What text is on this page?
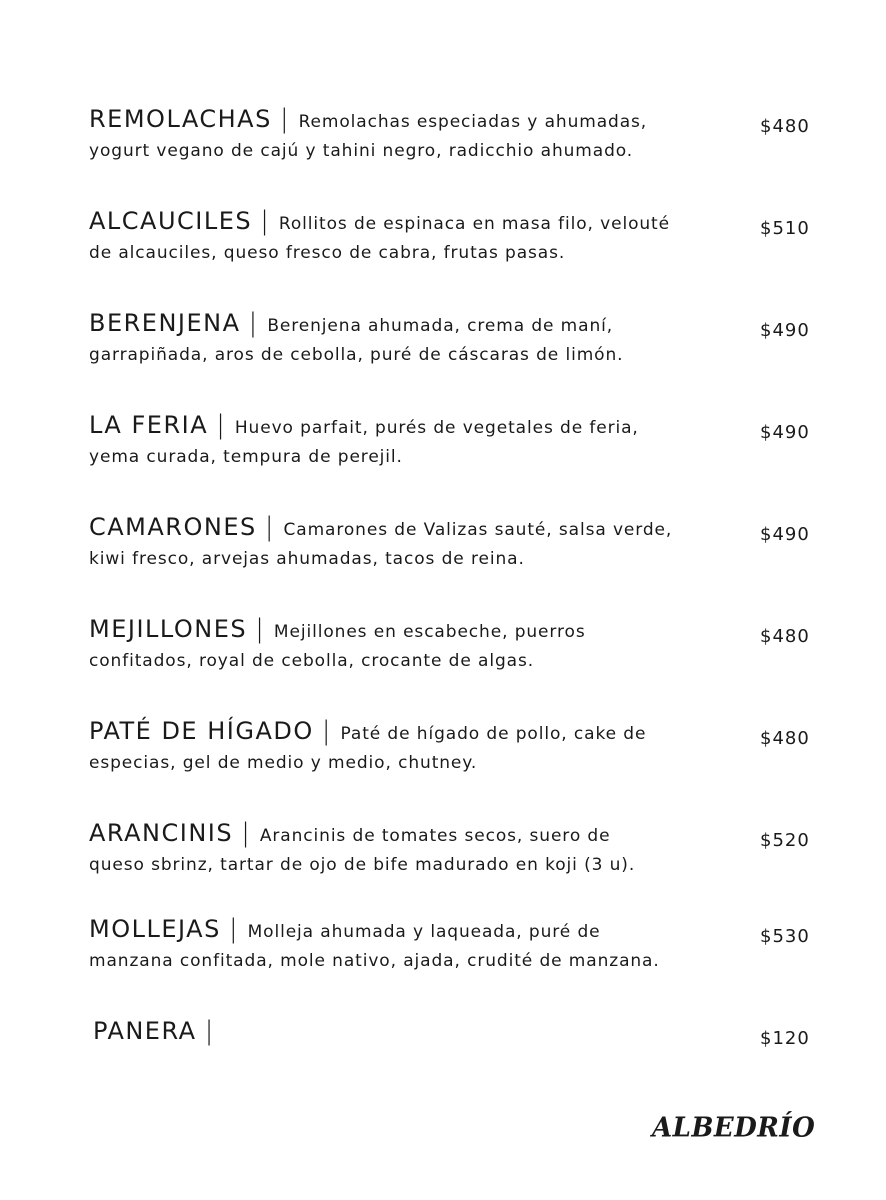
REMOLACHAS | Remolachas especiadas y ahumadas,	$480
yogurt vegano de cajú y tahini negro, radicchio ahumado.
ALCAUCILES | Rollitos de espinaca en masa filo, velouté	$510
de alcauciles, queso fresco de cabra, frutas pasas.
BERENJENA | Berenjena ahumada, crema de maní,	$490
garrapiñada, aros de cebolla, puré de cáscaras de limón.
LA FERIA | Huevo parfait, purés de vegetales de feria,	$490
yema curada, tempura de perejil.
CAMARONES | Camarones de Valizas sauté, salsa verde,	$490
kiwi fresco, arvejas ahumadas, tacos de reina.
MEJILLONES | Mejillones en escabeche, puerros	$480
confitados, royal de cebolla, crocante de algas.
PATÉ DE HÍGADO | Paté de hígado de pollo, cake de	$480
especias, gel de medio y medio, chutney.
ARANCINIS | Arancinis de tomates secos, suero de	$520
queso sbrinz, tartar de ojo de bife madurado en koji (3 u).
MOLLEJAS | Molleja ahumada y laqueada, puré de	$530
manzana confitada, mole nativo, ajada, crudité de manzana.
PANERA |	$120
ALBEDRÍO
